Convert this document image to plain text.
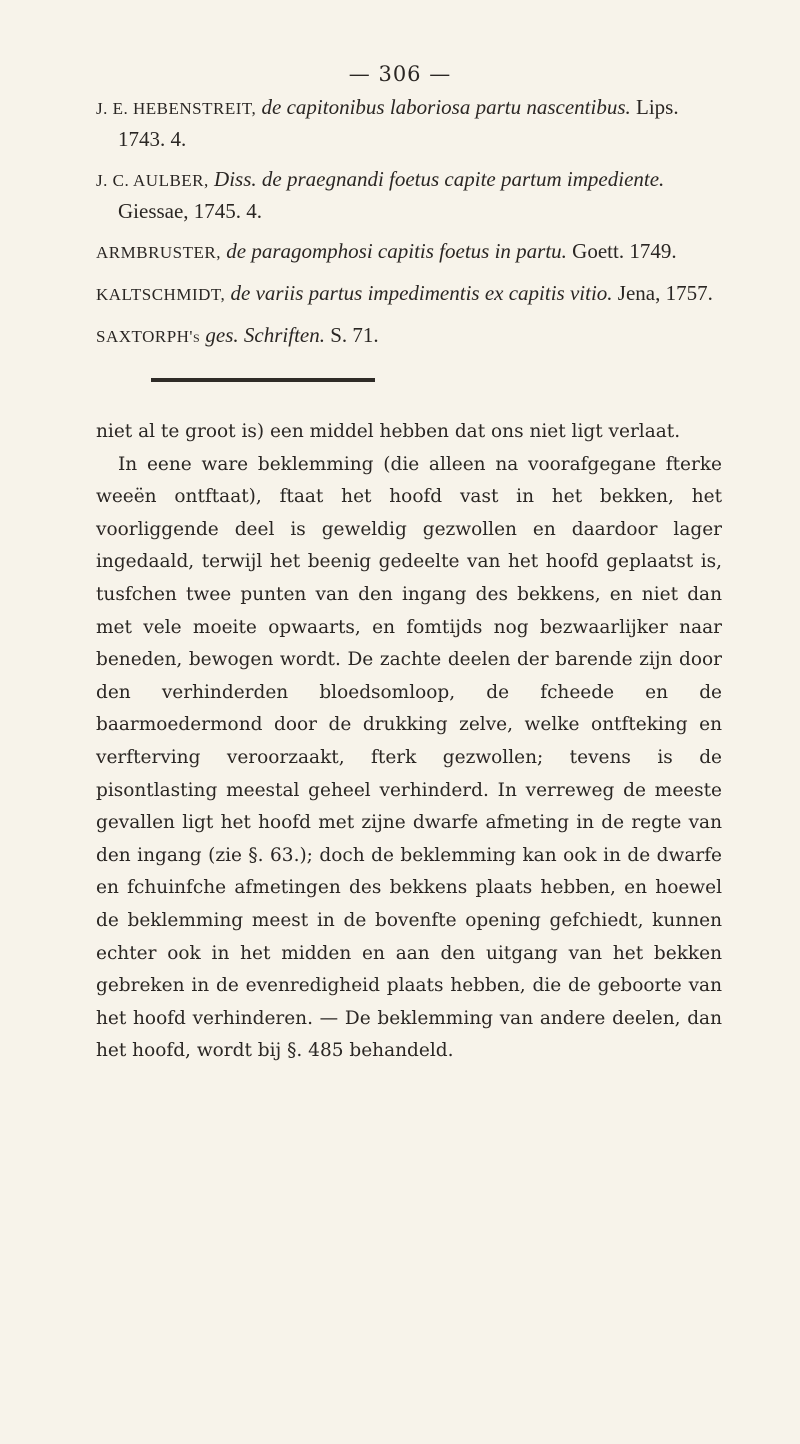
— 306 —
J. E. HEBENSTREIT, de capitonibus laboriosa partu nascentibus. Lips. 1743. 4.
J. C. AULBER, Diss. de praegnandi foetus capite partum impediente. Giessae, 1745. 4.
ARMBRUSTER, de paragomphosi capitis foetus in partu. Goett. 1749.
KALTSCHMIDT, de variis partus impedimentis ex capitis vitio. Jena, 1757.
SAXTORPH's ges. Schriften. S. 71.

niet al te groot is) een middel hebben dat ons niet ligt verlaat.

In eene ware beklemming (die alleen na voorafgegane fterke weeën ontftaat), ftaat het hoofd vast in het bekken, het voorliggende deel is geweldig gezwollen en daardoor lager ingedaald, terwijl het beenig gedeelte van het hoofd geplaatst is, tusfchen twee punten van den ingang des bekkens, en niet dan met vele moeite opwaarts, en fomtijds nog bezwaarlijker naar beneden, bewogen wordt. De zachte deelen der barende zijn door den verhinderden bloedsomloop, de fcheede en de baarmoedermond door de drukking zelve, welke ontfteking en verfterving veroorzaakt, fterk gezwollen; tevens is de pisontlasting meestal geheel verhinderd. In verreweg de meeste gevallen ligt het hoofd met zijne dwarfe afmeting in de regte van den ingang (zie §. 63.); doch de beklemming kan ook in de dwarfe en fchuinfche afmetingen des bekkens plaats hebben, en hoewel de beklemming meest in de bovenfte opening gefchiedt, kunnen echter ook in het midden en aan den uitgang van het bekken gebreken in de evenredigheid plaats hebben, die de geboorte van het hoofd verhinderen. — De beklemming van andere deelen, dan het hoofd, wordt bij §. 485 behandeld.
